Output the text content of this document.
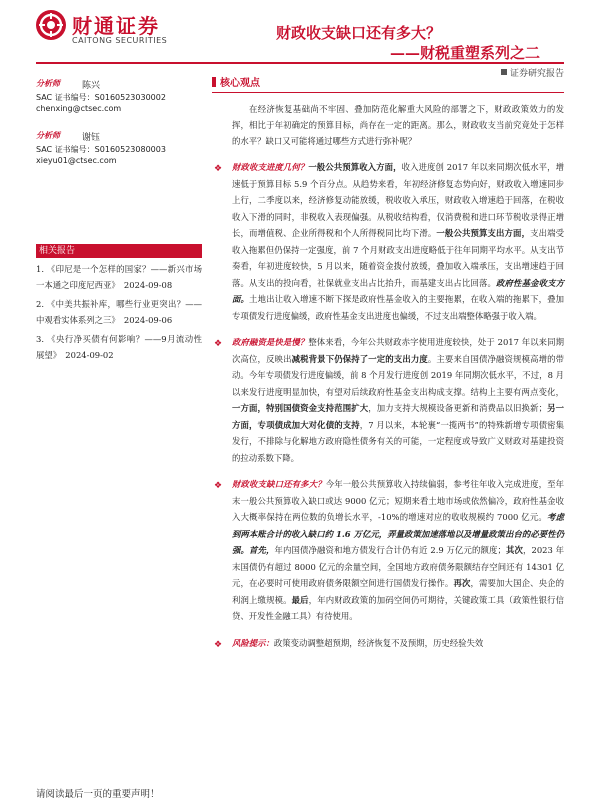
财通证券
CAITONG SECURITIES	财政收支缺口还有多大？
——财税重塑系列之二
证券研究报告
分析师 陈兴
SAC 证书编号：S0160523030002
chenxing@ctsec.com
分析师 谢钰
SAC 证书编号：S0160523080003
xieyu01@ctsec.com
相关报告
1. 《印尼是一个怎样的国家？——新兴市场一本通之印度尼西亚》　2024-09-08
2. 《中美共振补库，哪些行业更突出？——中观看实体系列之三》　2024-09-06
3. 《央行净买债有何影响？——9月流动性展望》　2024-09-02
核心观点
在经济恢复基础尚不牢固、叠加防范化解重大风险的部署之下，财政政策效力的发挥，相比于年初确定的预算目标，尚存在一定的距离。那么，财政收支当前究竟处于怎样的水平？缺口又可能将通过哪些方式进行弥补呢？
❖ 财政收支进度几何？一般公共预算收入方面，收入进度创 2017 年以来同期次低水平，增速低于预算目标 5.9 个百分点。从趋势来看，年初经济修复态势向好，财政收入增速同步上行，二季度以来，经济修复动能放缓，税收收入承压，财政收入增速趋于回落，在税收收入下滑的同时，非税收入表现偏强。从税收结构看，仅消费税和进口环节税收录得正增长，而增值税、企业所得税和个人所得税同比均下滑。一般公共预算支出方面，支出端受收入拖累但仍保持一定强度，前 7 个月财政支出进度略低于往年同期平均水平。从支出节奏看，年初进度较快，5 月以来，随着资金拨付放缓，叠加收入端承压，支出增速趋于回落。从支出的投向看，社保就业支出占比抬升，而基建支出占比回落。政府性基金收支方面。土地出让收入增速不断下探是政府性基金收入的主要拖累，在收入端的拖累下，叠加专项债发行进度偏缓，政府性基金支出进度也偏缓，不过支出端整体略强于收入端。
❖ 政府融资是快是慢？整体来看，今年公共财政赤字使用进度较快，处于 2017 年以来同期次高位，反映出减税背景下仍保持了一定的支出力度。主要来自国债净融资规模高增的带动。今年专项债发行进度偏缓，前 8 个月发行进度创 2019 年同期次低水平，不过，8 月以来发行进度明显加快，有望对后续政府性基金支出构成支撑。结构上主要有两点变化，一方面，特别国债资金支持范围扩大，加力支持大规模设备更新和消费品以旧换新；另一方面，专项债成加大对化债的支持，7 月以来，本轮裹“一揽两书”的特殊新增专项债密集发行，不排除与化解地方政府隐性债务有关的可能，一定程度或导致广义财政对基建投资的拉动系数下降。
❖ 财政收支缺口还有多大？今年一般公共预算收入持续偏弱，参考往年收入完成进度，至年末一般公共预算收入缺口或达 9000 亿元；短期来看土地市场或依然偏冷，政府性基金收入大概率保持在两位数的负增长水平，-10%的增速对应的收收规模约 7000 亿元。考虑到两本账合计的收入缺口约 1.6 万亿元，弄量政策加速落地以及增量政策出台的必要性仍强。首先，年内国债净融资和地方债发行合计仍有近 2.9 万亿元的额度；其次，2023 年末国债仍有超过 8000 亿元的余量空间，全国地方政府债务限额结存空间还有 14301 亿元，在必要时可使用政府债务限额空间进行国债发行操作。再次，需要加大国企、央企的利润上缴规模。最后，年内财政政策的加码空间仍可期待，关键政策工具（政策性银行信贷、开发性金融工具）有待使用。
❖ 风险提示：政策变动调整超预期，经济恢复不及预期，历史经验失效
请阅读最后一页的重要声明！
